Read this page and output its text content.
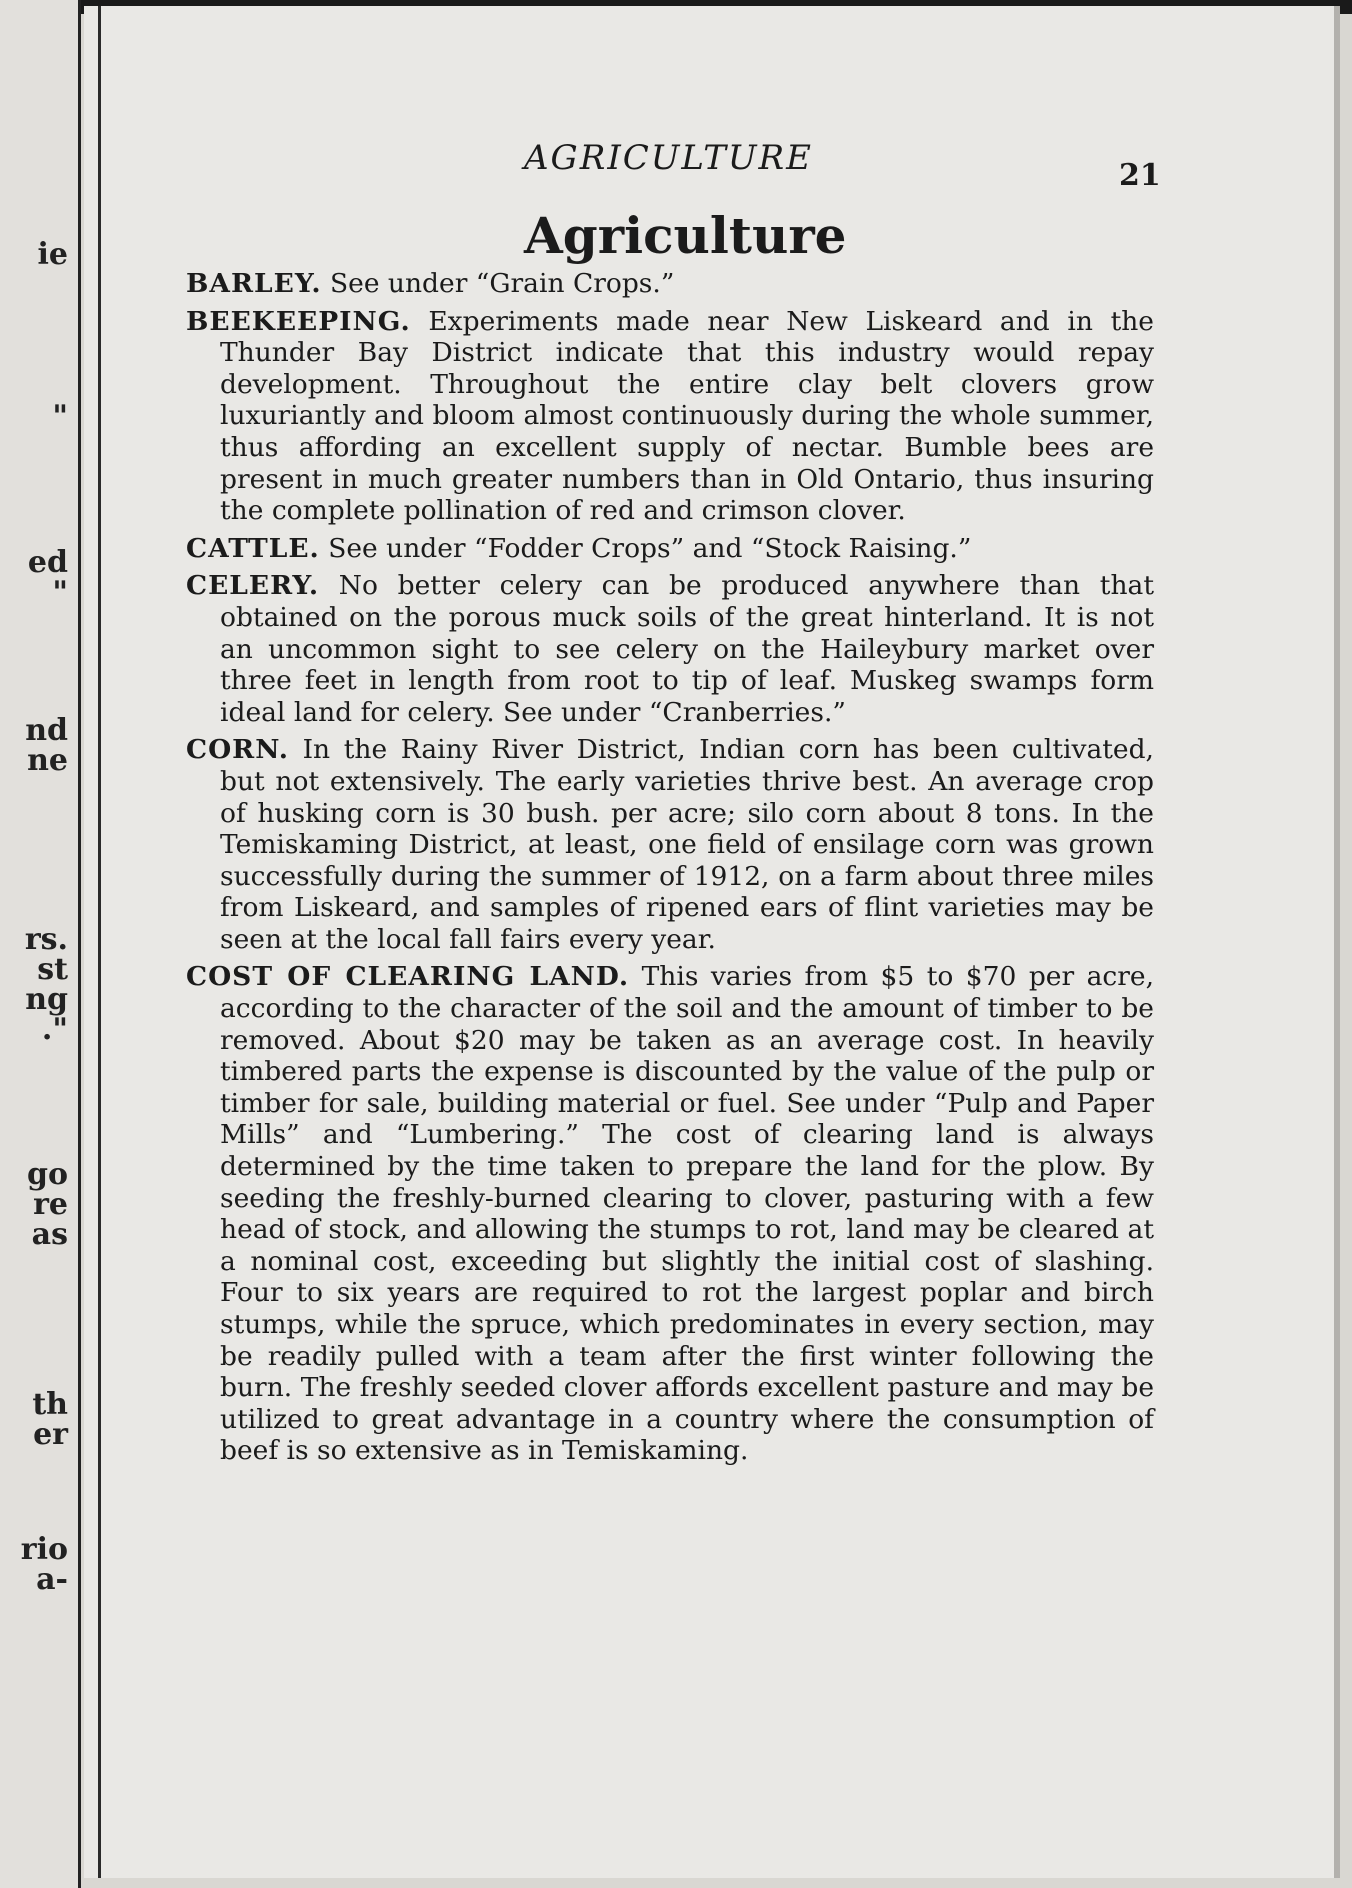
ie
"
ed
"
nd
ne
rs.
st
ng
."
go
re
as
th
er
rio
a-
AGRICULTURE	21
Agriculture

BARLEY. See under “Grain Crops.”

BEEKEEPING. Experiments made near New Liskeard and in the Thunder Bay District indicate that this industry would repay development. Throughout the entire clay belt clovers grow luxuriantly and bloom almost continuously during the whole summer, thus affording an excellent supply of nectar. Bumble bees are present in much greater numbers than in Old Ontario, thus insuring the complete pollination of red and crimson clover.

CATTLE. See under “Fodder Crops” and “Stock Raising.”

CELERY. No better celery can be produced anywhere than that obtained on the porous muck soils of the great hinterland. It is not an uncommon sight to see celery on the Haileybury market over three feet in length from root to tip of leaf. Muskeg swamps form ideal land for celery. See under “Cranberries.”

CORN. In the Rainy River District, Indian corn has been cultivated, but not extensively. The early varieties thrive best. An average crop of husking corn is 30 bush. per acre; silo corn about 8 tons. In the Temiskaming District, at least, one field of ensilage corn was grown successfully during the summer of 1912, on a farm about three miles from Liskeard, and samples of ripened ears of flint varieties may be seen at the local fall fairs every year.

COST OF CLEARING LAND. This varies from $5 to $70 per acre, according to the character of the soil and the amount of timber to be removed. About $20 may be taken as an average cost. In heavily timbered parts the expense is discounted by the value of the pulp or timber for sale, building material or fuel. See under “Pulp and Paper Mills” and “Lumbering.” The cost of clearing land is always determined by the time taken to prepare the land for the plow. By seeding the freshly-burned clearing to clover, pasturing with a few head of stock, and allowing the stumps to rot, land may be cleared at a nominal cost, exceeding but slightly the initial cost of slashing. Four to six years are required to rot the largest poplar and birch stumps, while the spruce, which predominates in every section, may be readily pulled with a team after the first winter following the burn. The freshly seeded clover affords excellent pasture and may be utilized to great advantage in a country where the consumption of beef is so extensive as in Temiskaming.
